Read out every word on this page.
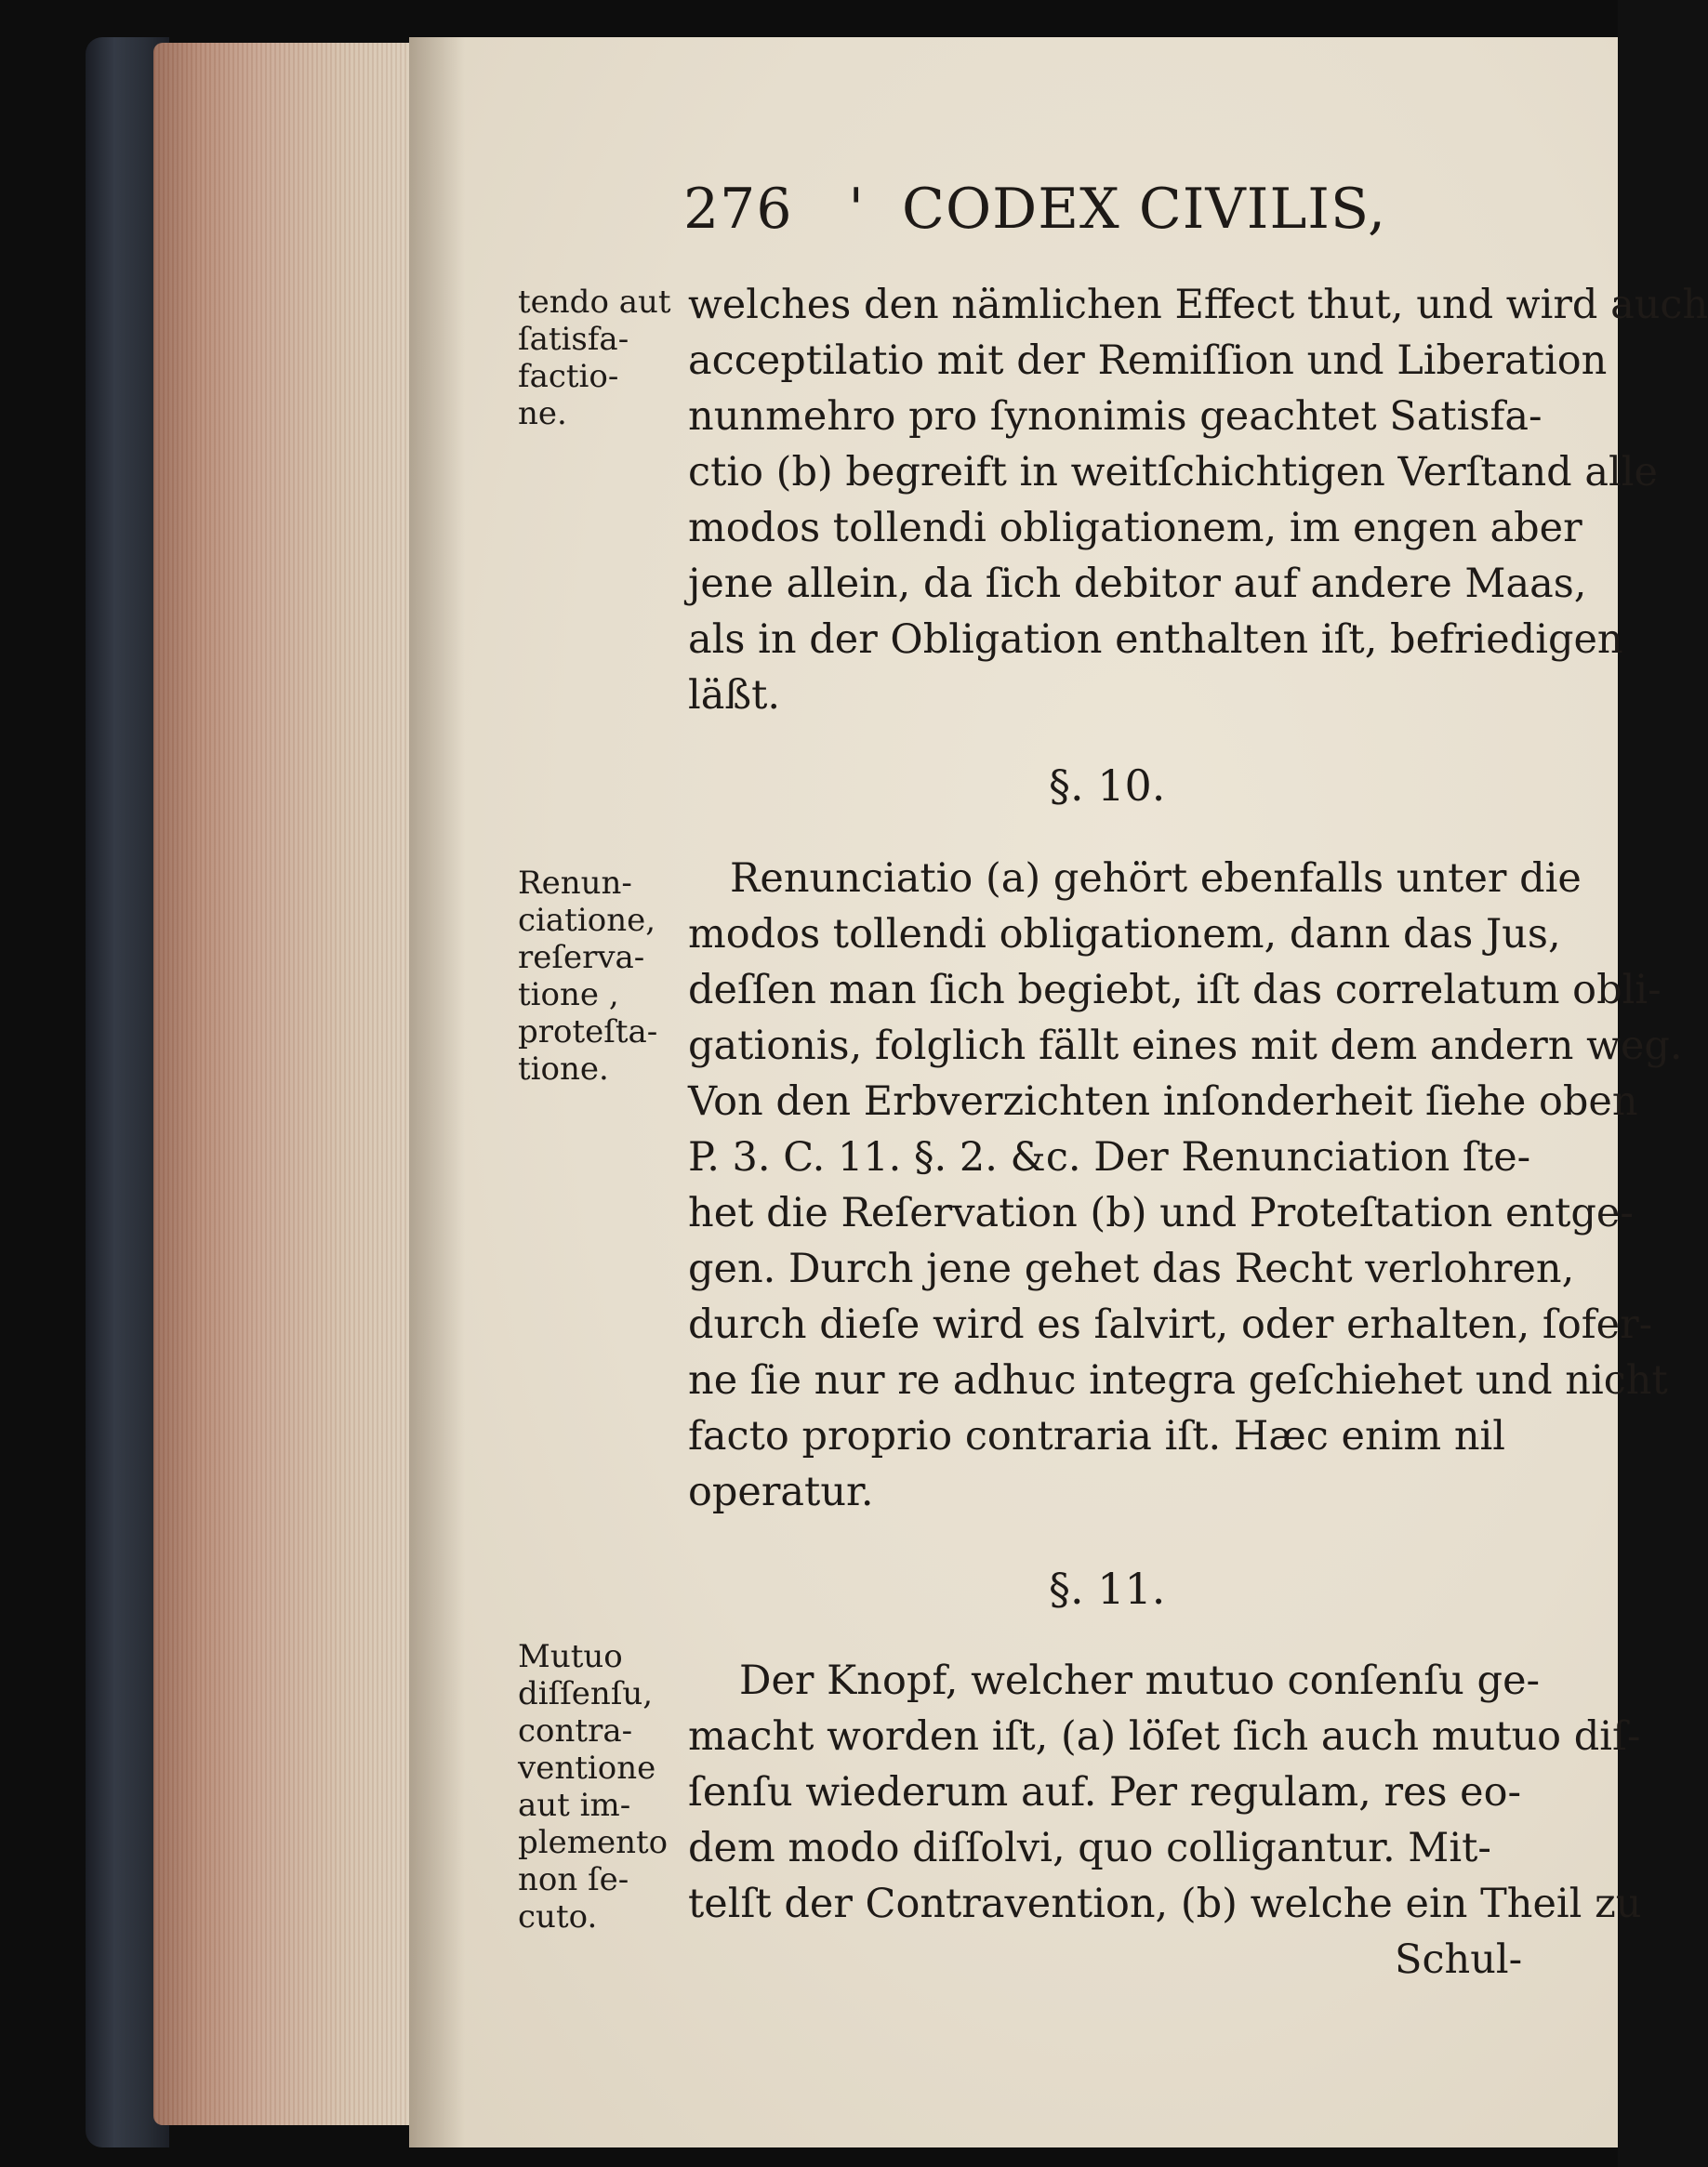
276 ' CODEX CIVILIS,
tendo aut
ſatisfa-
factio-
ne.
welches den nämlichen Effect thut, und wird auch
acceptilatio mit der Remiſſion und Liberation
nunmehro pro ſynonimis geachtet Satisfa-
ctio (b) begreift in weitſchichtigen Verſtand alle
modos tollendi obligationem, im engen aber
jene allein, da ſich debitor auf andere Maas,
als in der Obligation enthalten iſt, befriedigen
läßt.
§. 10.
Renun-
ciatione,
reſerva-
tione ,
proteſta-
tione.
Renunciatio (a) gehört ebenfalls unter die
modos tollendi obligationem, dann das Jus,
deſſen man ſich begiebt, iſt das correlatum obli-
gationis, folglich fällt eines mit dem andern weg.
Von den Erbverzichten inſonderheit ſiehe oben
P. 3. C. 11. §. 2. &c. Der Renunciation ſte-
het die Reſervation (b) und Proteſtation entge-
gen. Durch jene gehet das Recht verlohren,
durch dieſe wird es ſalvirt, oder erhalten, ſofer-
ne ſie nur re adhuc integra geſchiehet und nicht
facto proprio contraria iſt. Hæc enim nil
operatur.
§. 11.
Mutuo
diſſenſu,
contra-
ventione
aut im-
plemento
non ſe-
cuto.
Der Knopf, welcher mutuo conſenſu ge-
macht worden iſt, (a) löſet ſich auch mutuo diſ-
ſenſu wiederum auf. Per regulam, res eo-
dem modo diſſolvi, quo colligantur. Mit-
telſt der Contravention, (b) welche ein Theil zu
Schul-
